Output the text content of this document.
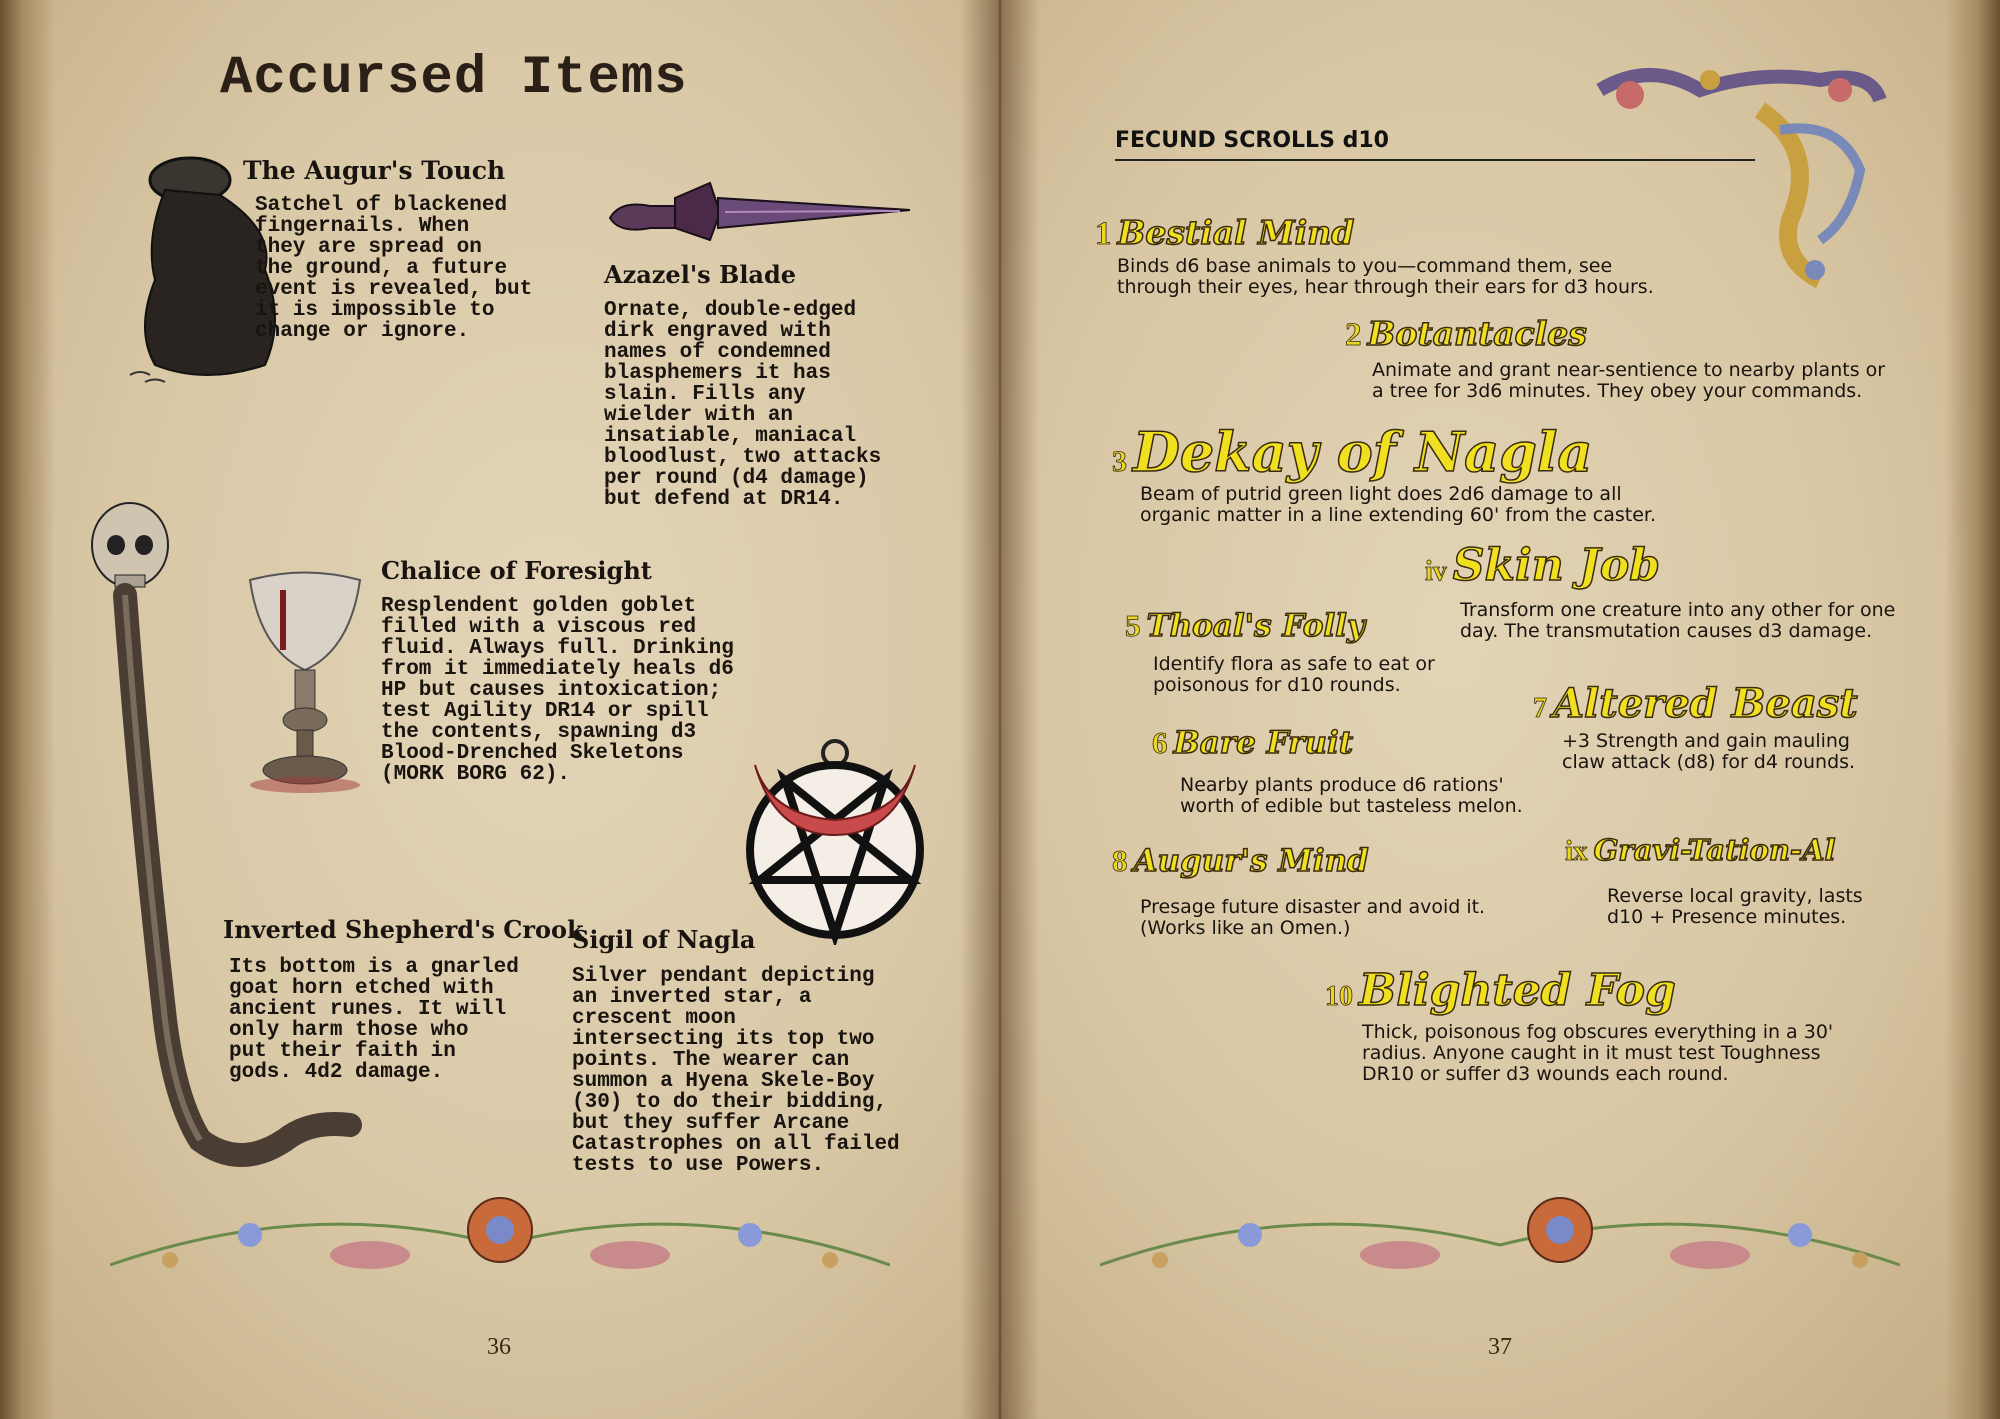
Accursed Items
The Augur's Touch
Satchel of blackened
fingernails. When
they are spread on
the ground, a future
event is revealed, but
it is impossible to
change or ignore.
Azazel's Blade
Ornate, double-edged
dirk engraved with
names of condemned
blasphemers it has
slain. Fills any
wielder with an
insatiable, maniacal
bloodlust, two attacks
per round (d4 damage)
but defend at DR14.
Chalice of Foresight
Resplendent golden goblet
filled with a viscous red
fluid. Always full. Drinking
from it immediately heals d6
HP but causes intoxication;
test Agility DR14 or spill
the contents, spawning d3
Blood-Drenched Skeletons
(MORK BORG 62).
Inverted Shepherd's Crook
Its bottom is a gnarled
goat horn etched with
ancient runes. It will
only harm those who
put their faith in
gods. 4d2 damage.
Sigil of Nagla
Silver pendant depicting
an inverted star, a
crescent moon
intersecting its top two
points. The wearer can
summon a Hyena Skele-Boy
(30) to do their bidding,
but they suffer Arcane
Catastrophes on all failed
tests to use Powers.
36
FECUND SCROLLS d10
1 Bestial Mind
Binds d6 base animals to you—command them, see
through their eyes, hear through their ears for d3 hours.
2 Botantacles
Animate and grant near-sentience to nearby plants or
a tree for 3d6 minutes. They obey your commands.
3 Dekay of Nagla
Beam of putrid green light does 2d6 damage to all
organic matter in a line extending 60' from the caster.
iv Skin Job
Transform one creature into any other for one
day. The transmutation causes d3 damage.
5 Thoal's Folly
Identify flora as safe to eat or
poisonous for d10 rounds.
7 Altered Beast
+3 Strength and gain mauling
claw attack (d8) for d4 rounds.
6 Bare Fruit
Nearby plants produce d6 rations'
worth of edible but tasteless melon.
8 Augur's Mind
Presage future disaster and avoid it.
(Works like an Omen.)
ix Gravi-Tation-Al
Reverse local gravity, lasts
d10 + Presence minutes.
10 Blighted Fog
Thick, poisonous fog obscures everything in a 30'
radius. Anyone caught in it must test Toughness
DR10 or suffer d3 wounds each round.
37
